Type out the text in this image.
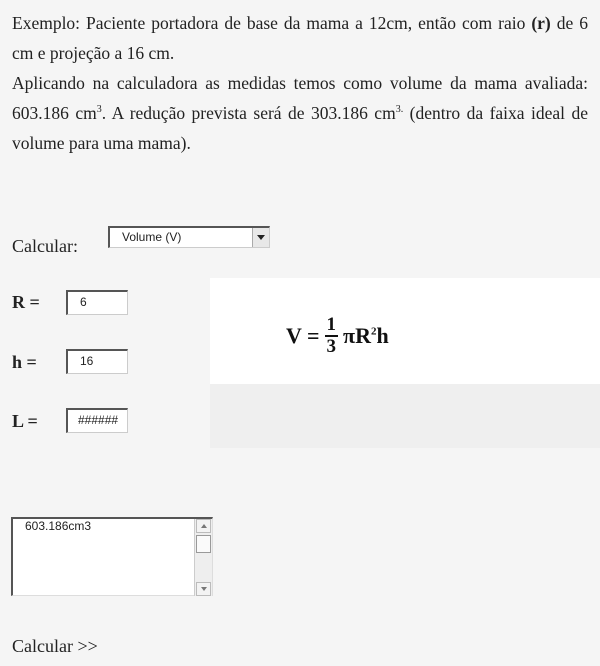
Exemplo: Paciente portadora de base da mama a 12cm, então com raio (r) de 6 cm e projeção a 16 cm.

Aplicando na calculadora as medidas temos como volume da mama avaliada: 603.186 $cm^3$. A redução prevista será de 303.186 $cm^{3.}$ (dentro da faixa ideal de volume para uma mama).

Calcular:	Volume (V)
R =	6
h =	16
L =	######
$V = \frac{1}{3} \pi R^2h$
603.186cm3
Calcular >>
